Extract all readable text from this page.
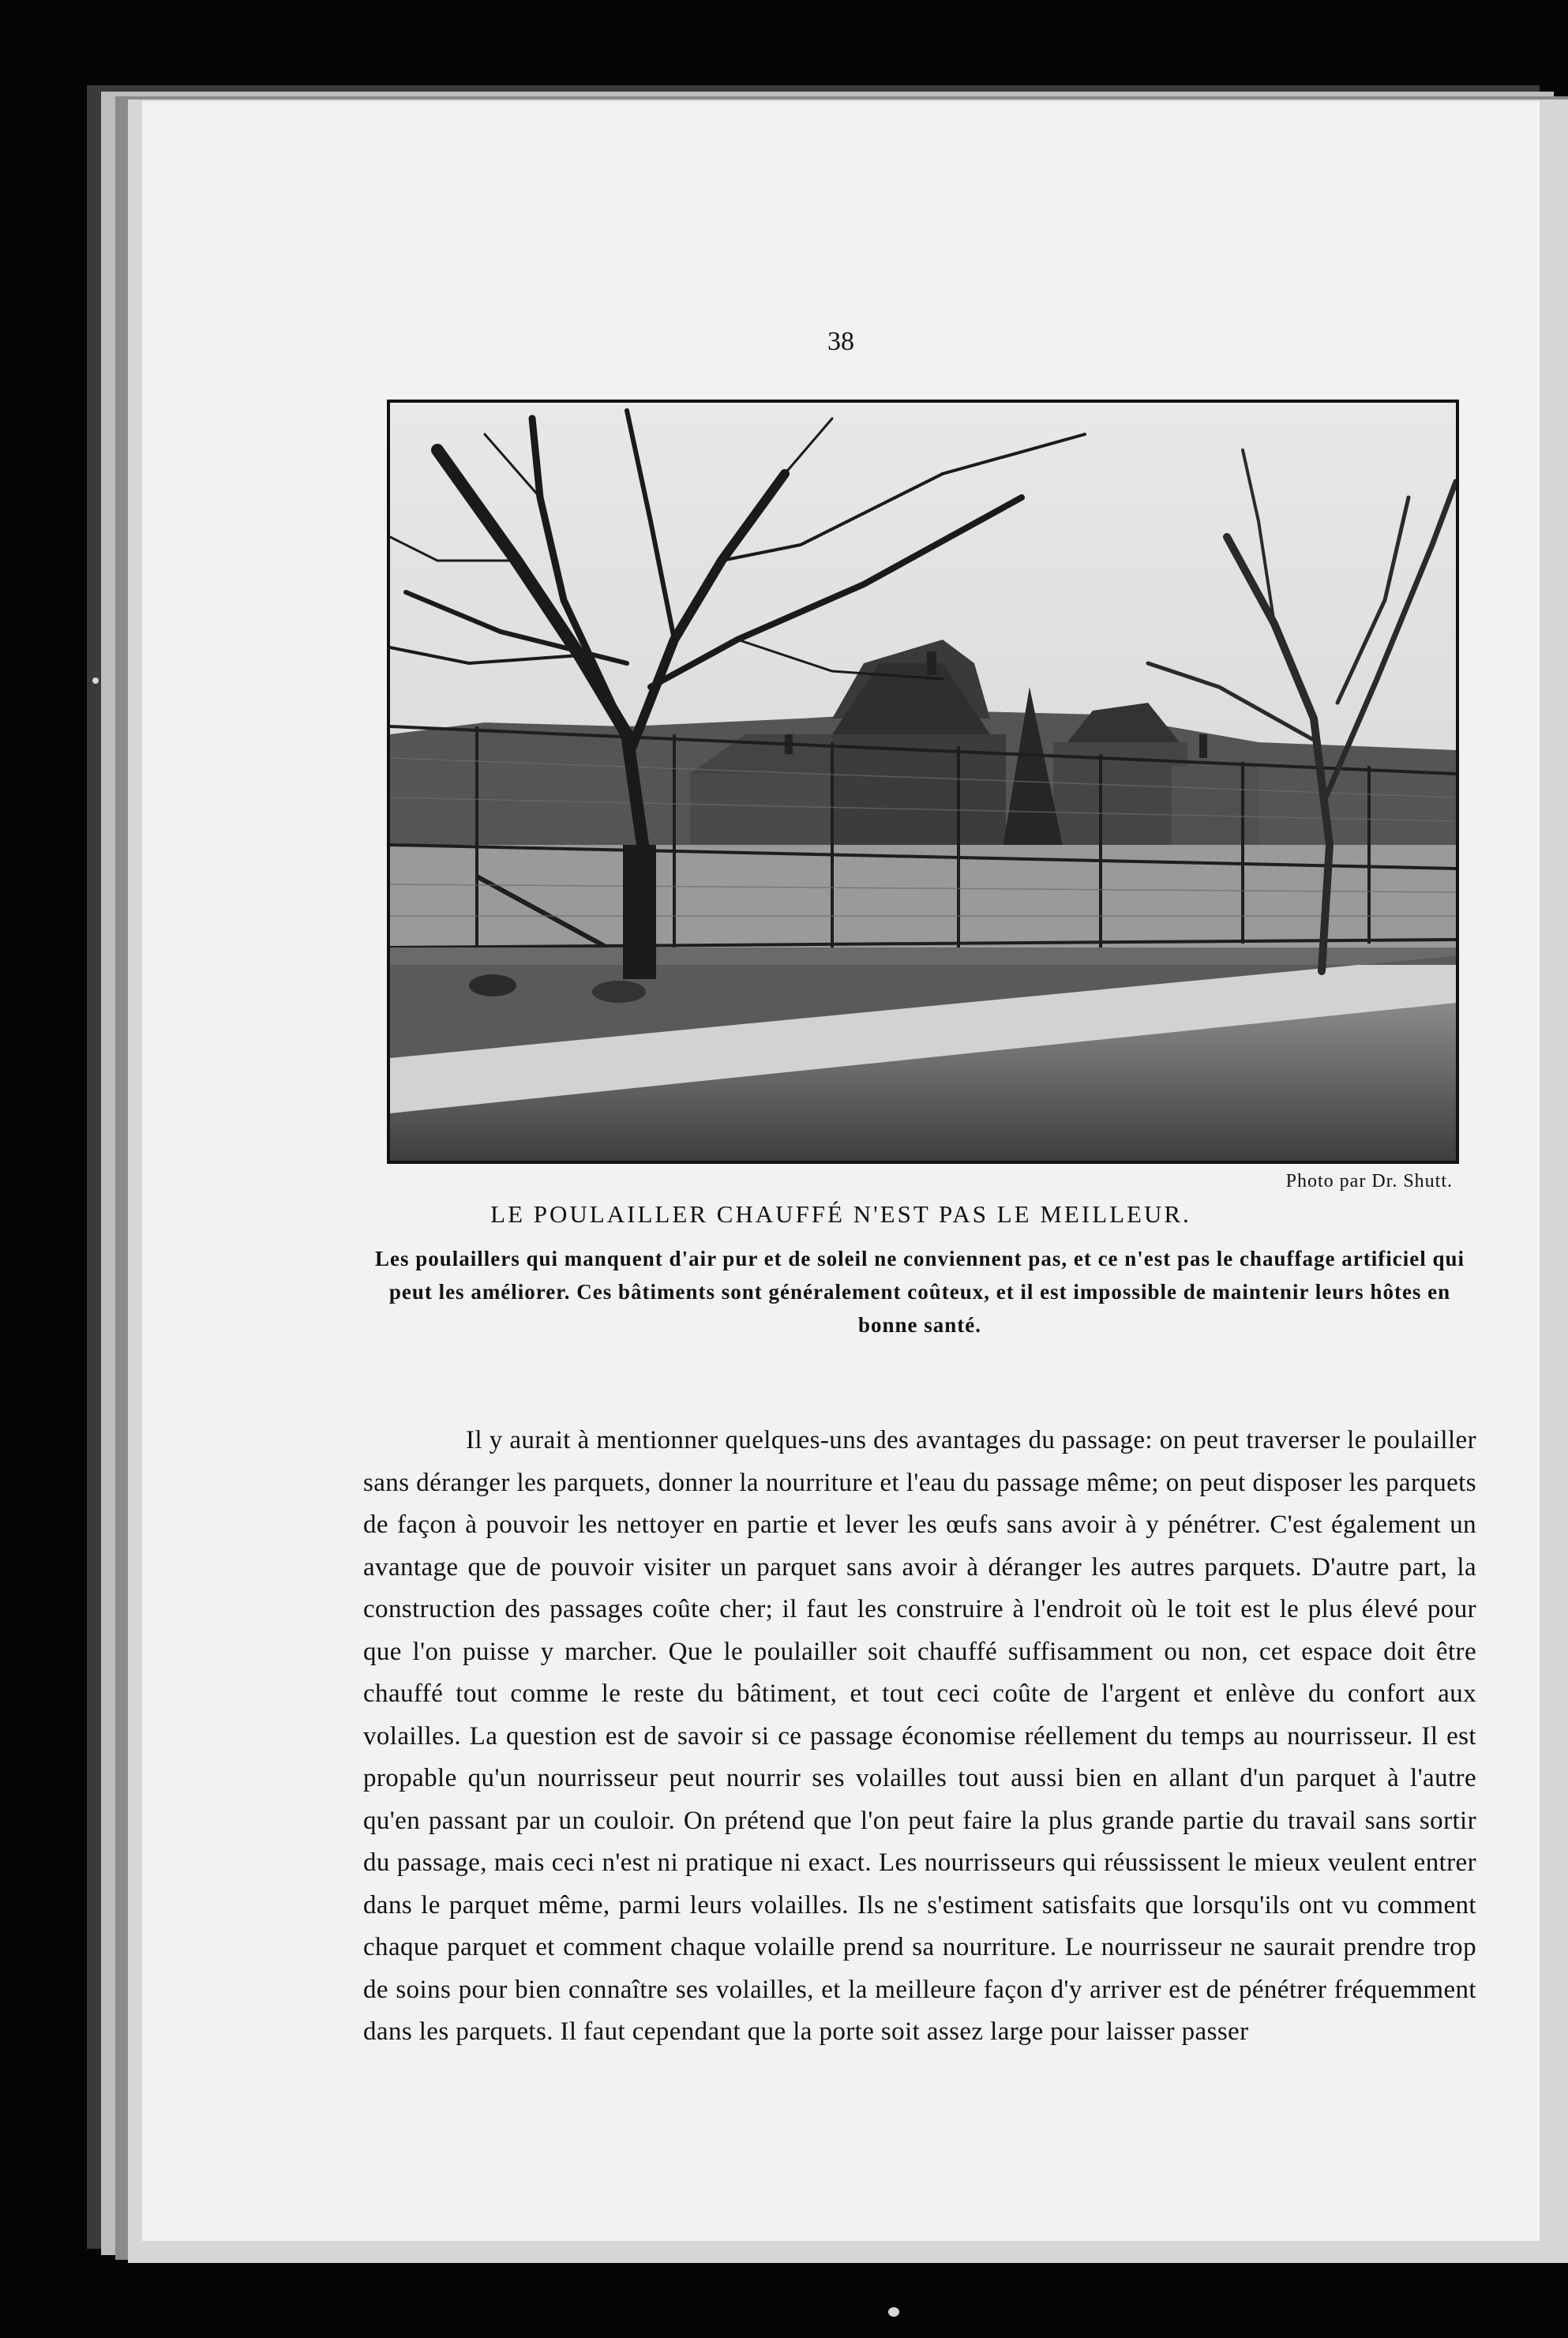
38
Photo par Dr. Shutt.
LE POULAILLER CHAUFFÉ N'EST PAS LE MEILLEUR.
Les poulaillers qui manquent d'air pur et de soleil ne conviennent pas, et ce n'est pas le chauffage artificiel qui peut les améliorer. Ces bâtiments sont généralement coûteux, et il est impossible de maintenir leurs hôtes en bonne santé.
Il y aurait à mentionner quelques-uns des avantages du passage: on peut traverser le poulailler sans déranger les parquets, donner la nourriture et l'eau du passage même; on peut disposer les parquets de façon à pouvoir les nettoyer en partie et lever les œufs sans avoir à y pénétrer. C'est également un avantage que de pouvoir visiter un parquet sans avoir à déranger les autres parquets. D'autre part, la construction des passages coûte cher; il faut les construire à l'endroit où le toit est le plus élevé pour que l'on puisse y marcher. Que le poulailler soit chauffé suffisamment ou non, cet espace doit être chauffé tout comme le reste du bâtiment, et tout ceci coûte de l'argent et enlève du confort aux volailles. La question est de savoir si ce passage économise réellement du temps au nourrisseur. Il est propable qu'un nourrisseur peut nourrir ses volailles tout aussi bien en allant d'un parquet à l'autre qu'en passant par un couloir. On prétend que l'on peut faire la plus grande partie du travail sans sortir du passage, mais ceci n'est ni pratique ni exact. Les nourrisseurs qui réussissent le mieux veulent entrer dans le parquet même, parmi leurs volailles. Ils ne s'estiment satisfaits que lorsqu'ils ont vu comment chaque parquet et comment chaque volaille prend sa nourriture. Le nourrisseur ne saurait prendre trop de soins pour bien connaître ses volailles, et la meilleure façon d'y arriver est de pénétrer fréquemment dans les parquets. Il faut cependant que la porte soit assez large pour laisser passer
